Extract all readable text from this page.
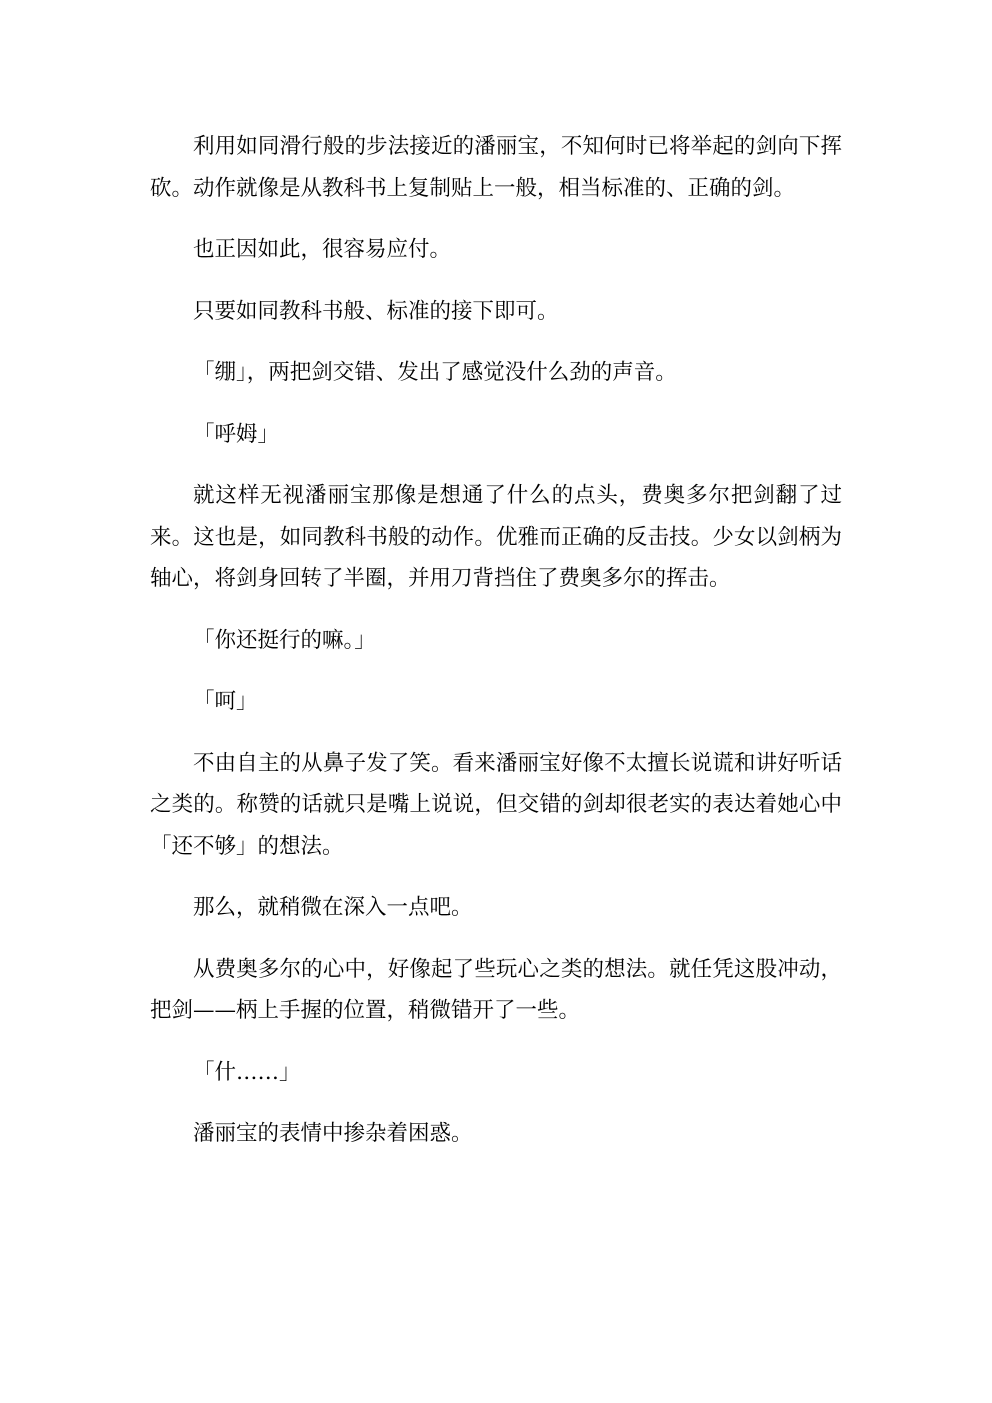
利用如同滑行般的步法接近的潘丽宝，不知何时已将举起的剑向下挥砍。动作就像是从教科书上复制贴上一般，相当标准的、正确的剑。

也正因如此，很容易应付。

只要如同教科书般、标准的接下即可。

「绷」，两把剑交错、发出了感觉没什么劲的声音。

「呼姆」

就这样无视潘丽宝那像是想通了什么的点头，费奥多尔把剑翻了过来。这也是，如同教科书般的动作。优雅而正确的反击技。少女以剑柄为轴心，将剑身回转了半圈，并用刀背挡住了费奥多尔的挥击。

「你还挺行的嘛。」

「呵」

不由自主的从鼻子发了笑。看来潘丽宝好像不太擅长说谎和讲好听话之类的。称赞的话就只是嘴上说说，但交错的剑却很老实的表达着她心中「还不够」的想法。

那么，就稍微在深入一点吧。

从费奥多尔的心中，好像起了些玩心之类的想法。就任凭这股冲动，把剑——柄上手握的位置，稍微错开了一些。

「什……」

潘丽宝的表情中掺杂着困惑。
